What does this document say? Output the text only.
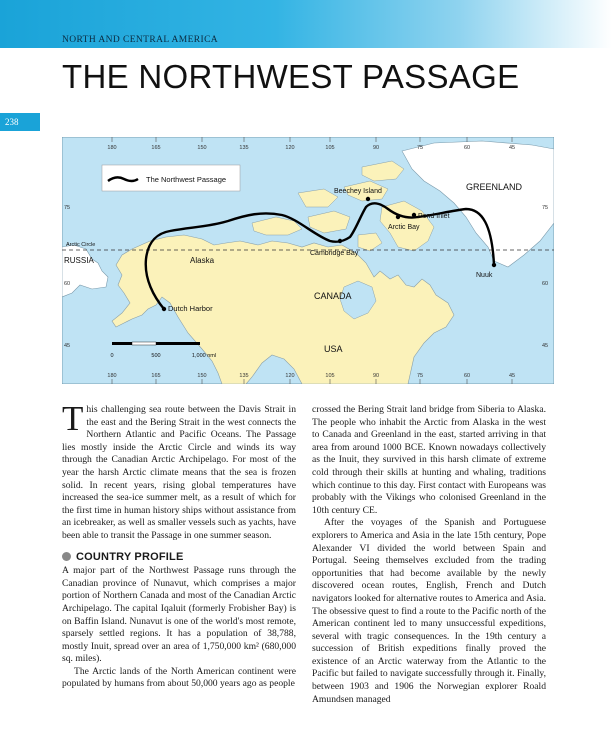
NORTH AND CENTRAL AMERICA
THE NORTHWEST PASSAGE
238
180	165	150	135	120	105	90	75	60	45
180	165	150	135	120	105	90	75	60	45
75
60
45
75
60
45
The Northwest Passage
Dutch Harbor
Cambridge Bay
Beechey Island
Pond Inlet
Arctic Bay
Nuuk
RUSSIA	Alaska
CANADA
USA
GREENLAND
Arctic Circle
0	500	1,000 nml

This challenging sea route between the Davis Strait in the east and the Bering Strait in the west connects the Northern Atlantic and Pacific Oceans. The Passage lies mostly inside the Arctic Circle and winds its way through the Canadian Arctic Archipelago. For most of the year the harsh Arctic climate means that the sea is frozen solid. In recent years, rising global temperatures have increased the sea-ice summer melt, as a result of which for the first time in human history ships without assistance from an icebreaker, as well as smaller vessels such as yachts, have been able to transit the Passage in one summer season.

COUNTRY PROFILE

A major part of the Northwest Passage runs through the Canadian province of Nunavut, which comprises a major portion of Northern Canada and most of the Canadian Arctic Archipelago. The capital Iqaluit (formerly Frobisher Bay) is on Baffin Island. Nunavut is one of the world's most remote, sparsely settled regions. It has a population of 38,788, mostly Inuit, spread over an area of 1,750,000 km² (680,000 sq. miles).

The Arctic lands of the North American continent were populated by humans from about 50,000 years ago as people

crossed the Bering Strait land bridge from Siberia to Alaska. The people who inhabit the Arctic from Alaska in the west to Canada and Greenland in the east, started arriving in that area from around 1000 BCE. Known nowadays collectively as the Inuit, they survived in this harsh climate of extreme cold through their skills at hunting and whaling, traditions which continue to this day. First contact with Europeans was probably with the Vikings who colonised Greenland in the 10th century CE.

After the voyages of the Spanish and Portuguese explorers to America and Asia in the late 15th century, Pope Alexander VI divided the world between Spain and Portugal. Seeing themselves excluded from the trading opportunities that had become available by the newly discovered ocean routes, English, French and Dutch navigators looked for alternative routes to America and Asia. The obsessive quest to find a route to the Pacific north of the American continent led to many unsuccessful expeditions, several with tragic consequences. In the 19th century a succession of British expeditions finally proved the existence of an Arctic waterway from the Atlantic to the Pacific but failed to navigate successfully through it. Finally, between 1903 and 1906 the Norwegian explorer Roald Amundsen managed
